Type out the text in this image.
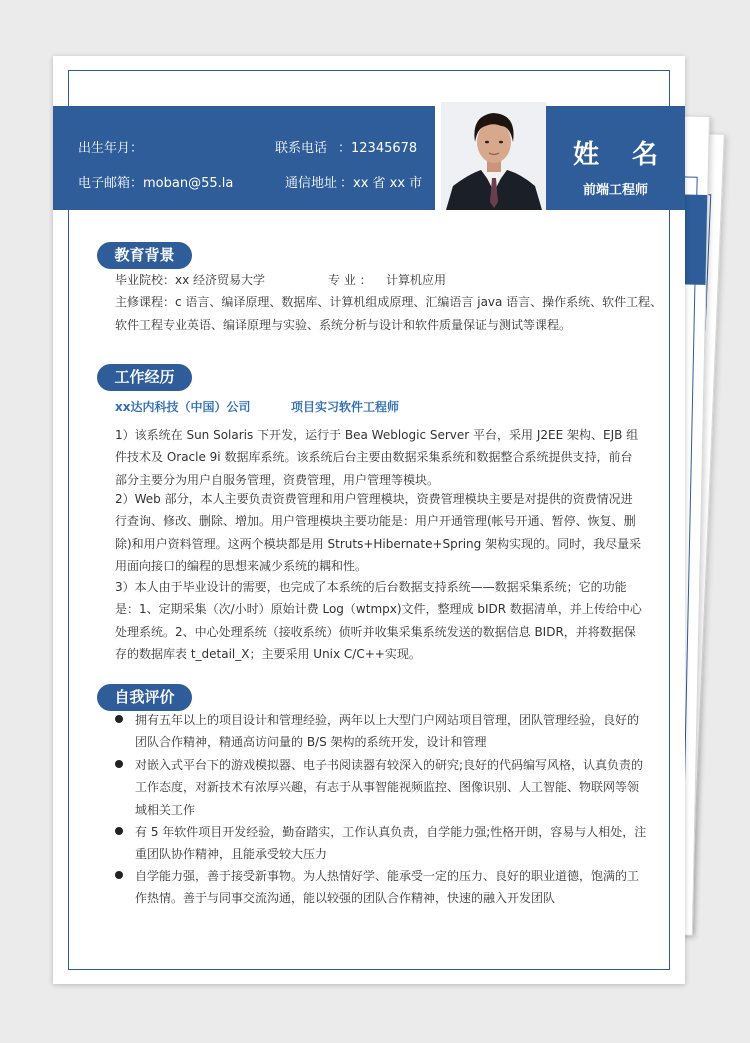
出生年月：	联系电话 ：12345678
电子邮箱：moban@55.la	通信地址 ：xx 省 xx 市
姓 名
前端工程师
教育背景
毕业院校：xx 经济贸易大学	专 业 ： 计算机应用
主修课程：c 语言、编译原理、数据库、计算机组成原理、汇编语言 java 语言、操作系统、软件工程、
软件工程专业英语、编译原理与实验、系统分析与设计和软件质量保证与测试等课程。
工作经历
xx达内科技（中国）公司	项目实习软件工程师
1）该系统在 Sun Solaris 下开发，运行于 Bea Weblogic Server 平台，采用 J2EE 架构、EJB 组件技术及 Oracle 9i 数据库系统。该系统后台主要由数据采集系统和数据整合系统提供支持，前台部分主要分为用户自服务管理，资费管理，用户管理等模块。
2）Web 部分，本人主要负责资费管理和用户管理模块，资费管理模块主要是对提供的资费情况进行查询、修改、删除、增加。用户管理模块主要功能是：用户开通管理(帐号开通、暂停、恢复、删除)和用户资料管理。这两个模块都是用 Struts+Hibernate+Spring 架构实现的。同时，我尽量采用面向接口的编程的思想来减少系统的耦和性。
3）本人由于毕业设计的需要，也完成了本系统的后台数据支持系统——数据采集系统；它的功能是：1、定期采集（次/小时）原始计费 Log（wtmpx)文件，整理成 bIDR 数据清单，并上传给中心处理系统。2、中心处理系统（接收系统）侦听并收集采集系统发送的数据信息 BIDR，并将数据保存的数据库表 t_detail_X；主要采用 Unix C/C++实现。
自我评价
拥有五年以上的项目设计和管理经验，两年以上大型门户网站项目管理，团队管理经验，良好的团队合作精神，精通高访问量的 B/S 架构的系统开发，设计和管理
对嵌入式平台下的游戏模拟器、电子书阅读器有较深入的研究;良好的代码编写风格，认真负责的工作态度，对新技术有浓厚兴趣，有志于从事智能视频监控、图像识别、人工智能、物联网等领域相关工作
有 5 年软件项目开发经验，勤奋踏实，工作认真负责，自学能力强;性格开朗，容易与人相处，注重团队协作精神，且能承受较大压力
自学能力强，善于接受新事物。为人热情好学、能承受一定的压力、良好的职业道德，饱满的工作热情。善于与同事交流沟通，能以较强的团队合作精神，快速的融入开发团队
